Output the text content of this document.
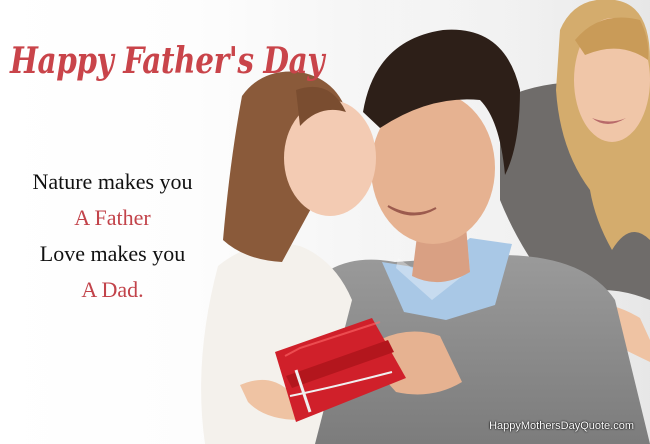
Happy Father's Day
Nature makes you
A Father
Love makes you
A Dad.
HappyMothersDayQuote.com
